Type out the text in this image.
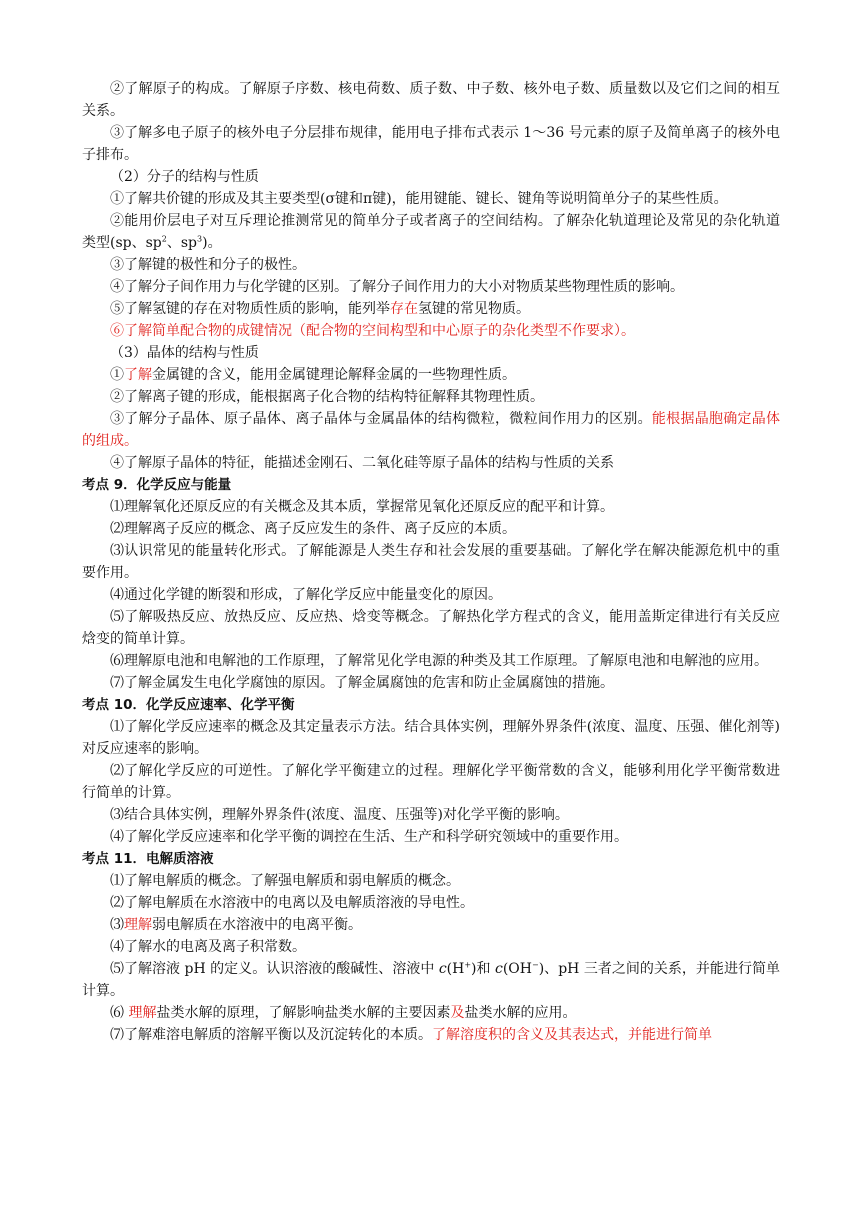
②了解原子的构成。了解原子序数、核电荷数、质子数、中子数、核外电子数、质量数以及它们之间的相互关系。

③了解多电子原子的核外电子分层排布规律，能用电子排布式表示 1～36 号元素的原子及简单离子的核外电子排布。

（2）分子的结构与性质

①了解共价键的形成及其主要类型(σ键和π键)，能用键能、键长、键角等说明简单分子的某些性质。

②能用价层电子对互斥理论推测常见的简单分子或者离子的空间结构。了解杂化轨道理论及常见的杂化轨道类型(sp、$sp^2$、$sp^3$)。

③了解键的极性和分子的极性。

④了解分子间作用力与化学键的区别。了解分子间作用力的大小对物质某些物理性质的影响。

⑤了解氢键的存在对物质性质的影响，能列举存在氢键的常见物质。

⑥了解简单配合物的成键情况（配合物的空间构型和中心原子的杂化类型不作要求）。

（3）晶体的结构与性质

①了解金属键的含义，能用金属键理论解释金属的一些物理性质。

②了解离子键的形成，能根据离子化合物的结构特征解释其物理性质。

③了解分子晶体、原子晶体、离子晶体与金属晶体的结构微粒，微粒间作用力的区别。能根据晶胞确定晶体的组成。

④了解原子晶体的特征，能描述金刚石、二氧化硅等原子晶体的结构与性质的关系

考点 9．化学反应与能量

⑴理解氧化还原反应的有关概念及其本质，掌握常见氧化还原反应的配平和计算。

⑵理解离子反应的概念、离子反应发生的条件、离子反应的本质。

⑶认识常见的能量转化形式。了解能源是人类生存和社会发展的重要基础。了解化学在解决能源危机中的重要作用。

⑷通过化学键的断裂和形成，了解化学反应中能量变化的原因。

⑸了解吸热反应、放热反应、反应热、焓变等概念。了解热化学方程式的含义，能用盖斯定律进行有关反应焓变的简单计算。

⑹理解原电池和电解池的工作原理，了解常见化学电源的种类及其工作原理。了解原电池和电解池的应用。

⑺了解金属发生电化学腐蚀的原因。了解金属腐蚀的危害和防止金属腐蚀的措施。

考点 10．化学反应速率、化学平衡

⑴了解化学反应速率的概念及其定量表示方法。结合具体实例，理解外界条件(浓度、温度、压强、催化剂等)对反应速率的影响。

⑵了解化学反应的可逆性。了解化学平衡建立的过程。理解化学平衡常数的含义，能够利用化学平衡常数进行简单的计算。

⑶结合具体实例，理解外界条件(浓度、温度、压强等)对化学平衡的影响。

⑷了解化学反应速率和化学平衡的调控在生活、生产和科学研究领域中的重要作用。

考点 11．电解质溶液

⑴了解电解质的概念。了解强电解质和弱电解质的概念。

⑵了解电解质在水溶液中的电离以及电解质溶液的导电性。

⑶理解弱电解质在水溶液中的电离平衡。

⑷了解水的电离及离子积常数。

⑸了解溶液 pH 的定义。认识溶液的酸碱性、溶液中 c(H+)和 c(OH−)、pH 三者之间的关系，并能进行简单计算。

⑹ 理解盐类水解的原理，了解影响盐类水解的主要因素及盐类水解的应用。

⑺了解难溶电解质的溶解平衡以及沉淀转化的本质。了解溶度积的含义及其表达式，并能进行简单
